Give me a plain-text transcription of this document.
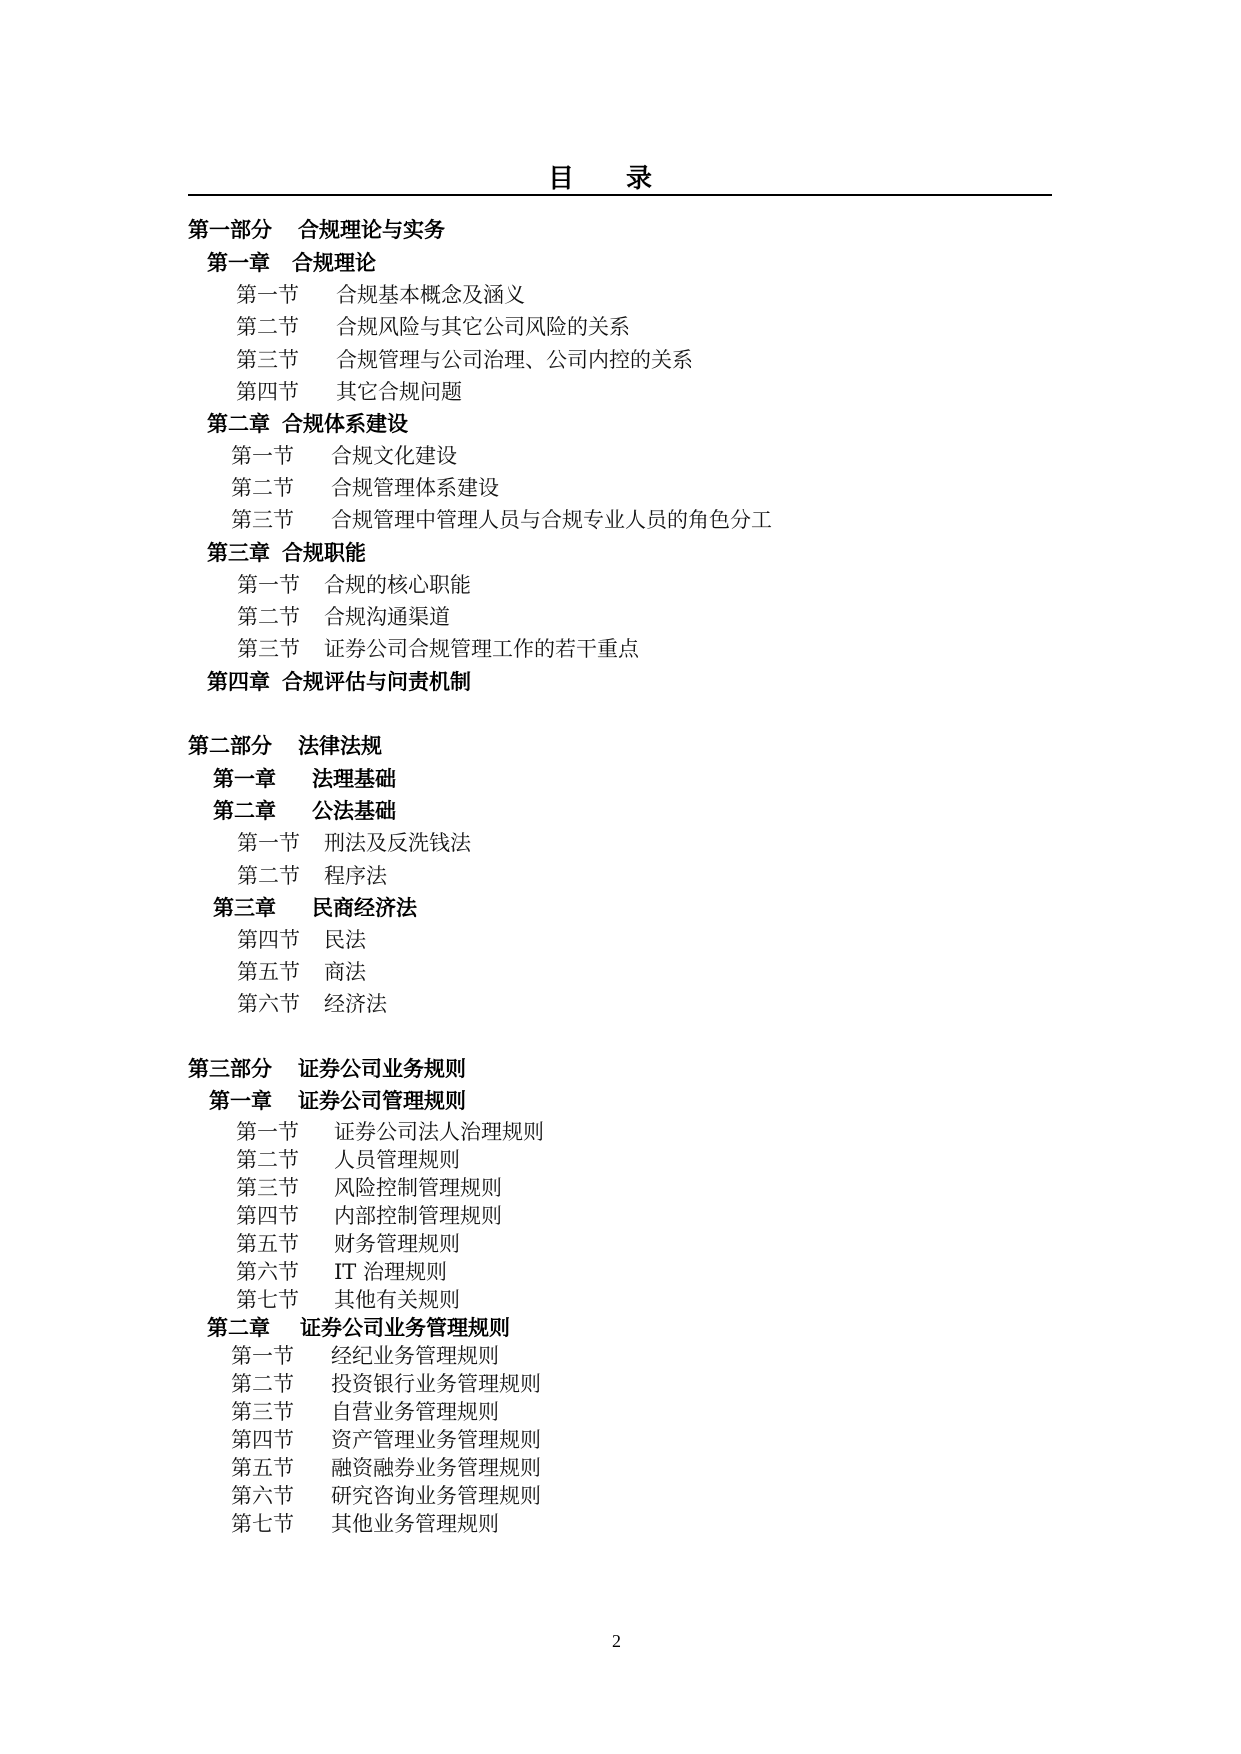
目　　录
第一部分 合规理论与实务
第一章 合规理论
第一节 合规基本概念及涵义
第二节 合规风险与其它公司风险的关系
第三节 合规管理与公司治理、公司内控的关系
第四节 其它合规问题
第二章 合规体系建设
第一节 合规文化建设
第二节 合规管理体系建设
第三节 合规管理中管理人员与合规专业人员的角色分工
第三章 合规职能
第一节 合规的核心职能
第二节 合规沟通渠道
第三节 证券公司合规管理工作的若干重点
第四章 合规评估与问责机制
第二部分 法律法规
第一章 法理基础
第二章 公法基础
第一节 刑法及反洗钱法
第二节 程序法
第三章 民商经济法
第四节 民法
第五节 商法
第六节 经济法
第三部分 证券公司业务规则
第一章 证券公司管理规则
第一节 证券公司法人治理规则
第二节 人员管理规则
第三节 风险控制管理规则
第四节 内部控制管理规则
第五节 财务管理规则
第六节 IT 治理规则
第七节 其他有关规则
第二章 证券公司业务管理规则
第一节 经纪业务管理规则
第二节 投资银行业务管理规则
第三节 自营业务管理规则
第四节 资产管理业务管理规则
第五节 融资融券业务管理规则
第六节 研究咨询业务管理规则
第七节 其他业务管理规则
2
